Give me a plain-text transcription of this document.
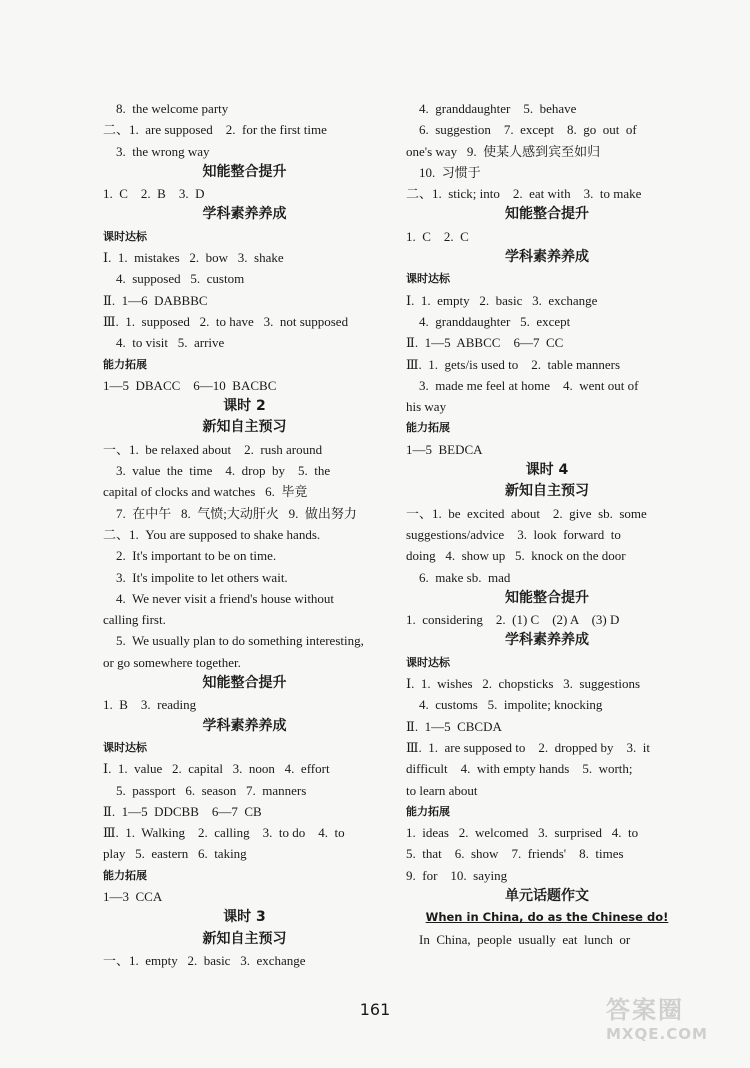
8.  the welcome party
二、1.  are supposed    2.  for the first time
3.  the wrong way
知能整合提升
1.  C    2.  B    3.  D
学科素养养成
课时达标
Ⅰ.  1.  mistakes   2.  bow   3.  shake
4.  supposed   5.  custom
Ⅱ.  1—6  DABBBC
Ⅲ.  1.  supposed   2.  to have   3.  not supposed
4.  to visit   5.  arrive
能力拓展
1—5  DBACC    6—10  BACBC
课时 2
新知自主预习
一、1.  be relaxed about    2.  rush around
3.  value  the  time    4.  drop  by    5.  the
capital of clocks and watches   6.  毕竟
7.  在中午   8.  气愤;大动肝火   9.  做出努力
二、1.  You are supposed to shake hands.
2.  It's important to be on time.
3.  It's impolite to let others wait.
4.  We never visit a friend's house without
calling first.
5.  We usually plan to do something interesting,
or go somewhere together.
知能整合提升
1.  B    3.  reading
学科素养养成
课时达标
Ⅰ.  1.  value   2.  capital   3.  noon   4.  effort
5.  passport   6.  season   7.  manners
Ⅱ.  1—5  DDCBB    6—7  CB
Ⅲ.  1.  Walking    2.  calling    3.  to do    4.  to
play   5.  eastern   6.  taking
能力拓展
1—3  CCA
课时 3
新知自主预习
一、1.  empty   2.  basic   3.  exchange
4.  granddaughter    5.  behave
6.  suggestion    7.  except    8.  go  out  of
one's way   9.  使某人感到宾至如归
10.  习惯于
二、1.  stick; into    2.  eat with    3.  to make
知能整合提升
1.  C    2.  C
学科素养养成
课时达标
Ⅰ.  1.  empty   2.  basic   3.  exchange
4.  granddaughter   5.  except
Ⅱ.  1—5  ABBCC    6—7  CC
Ⅲ.  1.  gets/is used to    2.  table manners
3.  made me feel at home    4.  went out of
his way
能力拓展
1—5  BEDCA
课时 4
新知自主预习
一、1.  be  excited  about    2.  give  sb.  some
suggestions/advice    3.  look  forward  to
doing   4.  show up   5.  knock on the door
6.  make sb.  mad
知能整合提升
1.  considering    2.  (1) C    (2) A    (3) D
学科素养养成
课时达标
Ⅰ.  1.  wishes   2.  chopsticks   3.  suggestions
4.  customs   5.  impolite; knocking
Ⅱ.  1—5  CBCDA
Ⅲ.  1.  are supposed to    2.  dropped by    3.  it
difficult    4.  with empty hands    5.  worth;
to learn about
能力拓展
1.  ideas   2.  welcomed   3.  surprised   4.  to
5.  that    6.  show    7.  friends'    8.  times
9.  for    10.  saying
单元话题作文
When in China, do as the Chinese do!
In  China,  people  usually  eat  lunch  or
161	答案圈
MXQE.COM
